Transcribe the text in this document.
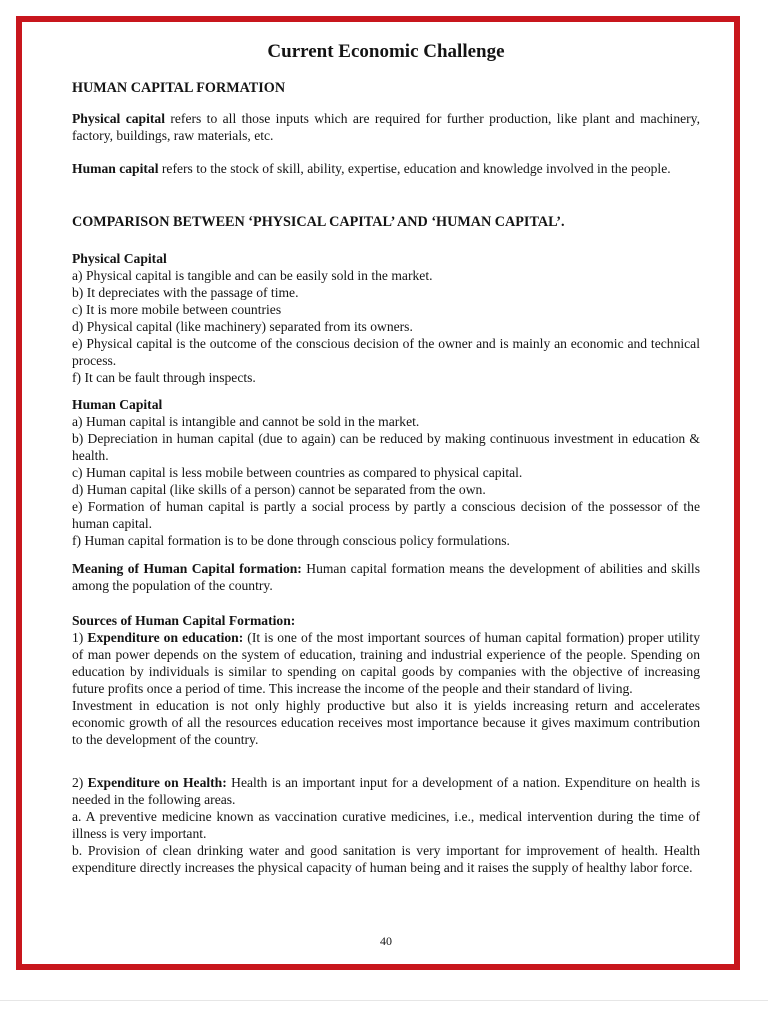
Current Economic Challenge
HUMAN CAPITAL FORMATION
Physical capital refers to all those inputs which are required for further production, like plant and machinery, factory, buildings, raw materials, etc.
Human capital refers to the stock of skill, ability, expertise, education and knowledge involved in the people.
COMPARISON BETWEEN ‘PHYSICAL CAPITAL’ AND ‘HUMAN CAPITAL’.
Physical Capital
a) Physical capital is tangible and can be easily sold in the market.
b) It depreciates with the passage of time.
c) It is more mobile between countries
d) Physical capital (like machinery) separated from its owners.
e) Physical capital is the outcome of the conscious decision of the owner and is mainly an economic and technical process.
f) It can be fault through inspects.
Human Capital
a) Human capital is intangible and cannot be sold in the market.
b) Depreciation in human capital (due to again) can be reduced by making continuous investment in education & health.
c) Human capital is less mobile between countries as compared to physical capital.
d) Human capital (like skills of a person) cannot be separated from the own.
e) Formation of human capital is partly a social process by partly a conscious decision of the possessor of the human capital.
f) Human capital formation is to be done through conscious policy formulations.
Meaning of Human Capital formation: Human capital formation means the development of abilities and skills among the population of the country.
Sources of Human Capital Formation:
1) Expenditure on education: (It is one of the most important sources of human capital formation) proper utility of man power depends on the system of education, training and industrial experience of the people. Spending on education by individuals is similar to spending on capital goods by companies with the objective of increasing future profits once a period of time. This increase the income of the people and their standard of living.
Investment in education is not only highly productive but also it is yields increasing return and accelerates economic growth of all the resources education receives most importance because it gives maximum contribution to the development of the country.
2) Expenditure on Health: Health is an important input for a development of a nation. Expenditure on health is needed in the following areas.
a. A preventive medicine known as vaccination curative medicines, i.e., medical intervention during the time of illness is very important.
b. Provision of clean drinking water and good sanitation is very important for improvement of health. Health expenditure directly increases the physical capacity of human being and it raises the supply of healthy labor force.
40
